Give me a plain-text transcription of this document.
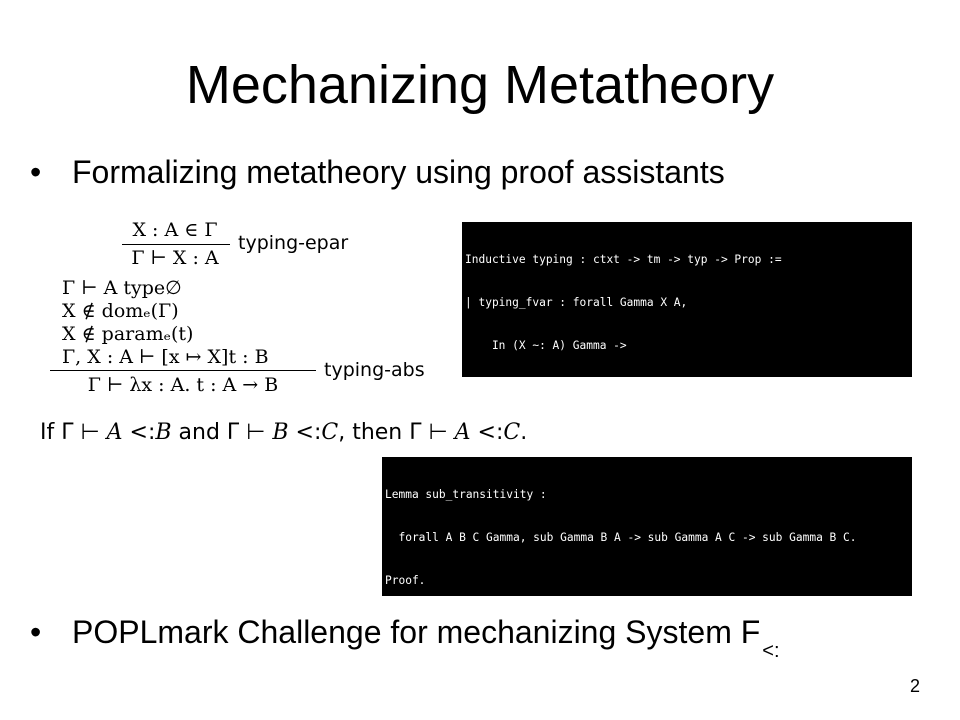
Mechanizing Metatheory
• Formalizing metatheory using proof assistants
X : A ∈ Γ
Γ ⊢ X : A
typing-epar
Γ ⊢ A type∅
X ∉ domₑ(Γ)
X ∉ paramₑ(t)
Γ, X : A ⊢ [x ↦ X]t : B
Γ ⊢ λx : A. t : A → B
typing-abs

Inductive typing : ctxt -> tm -> typ -> Prop :=

| typing_fvar : forall Gamma X A,

In (X ~: A) Gamma ->

If Γ ⊢ A <:B and Γ ⊢ B <:C, then Γ ⊢ A <:C.

Lemma sub_transitivity :

forall A B C Gamma, sub Gamma B A -> sub Gamma A C -> sub Gamma B C.

Proof.

• POPLmark Challenge for mechanizing System $F_{<:}$
2
